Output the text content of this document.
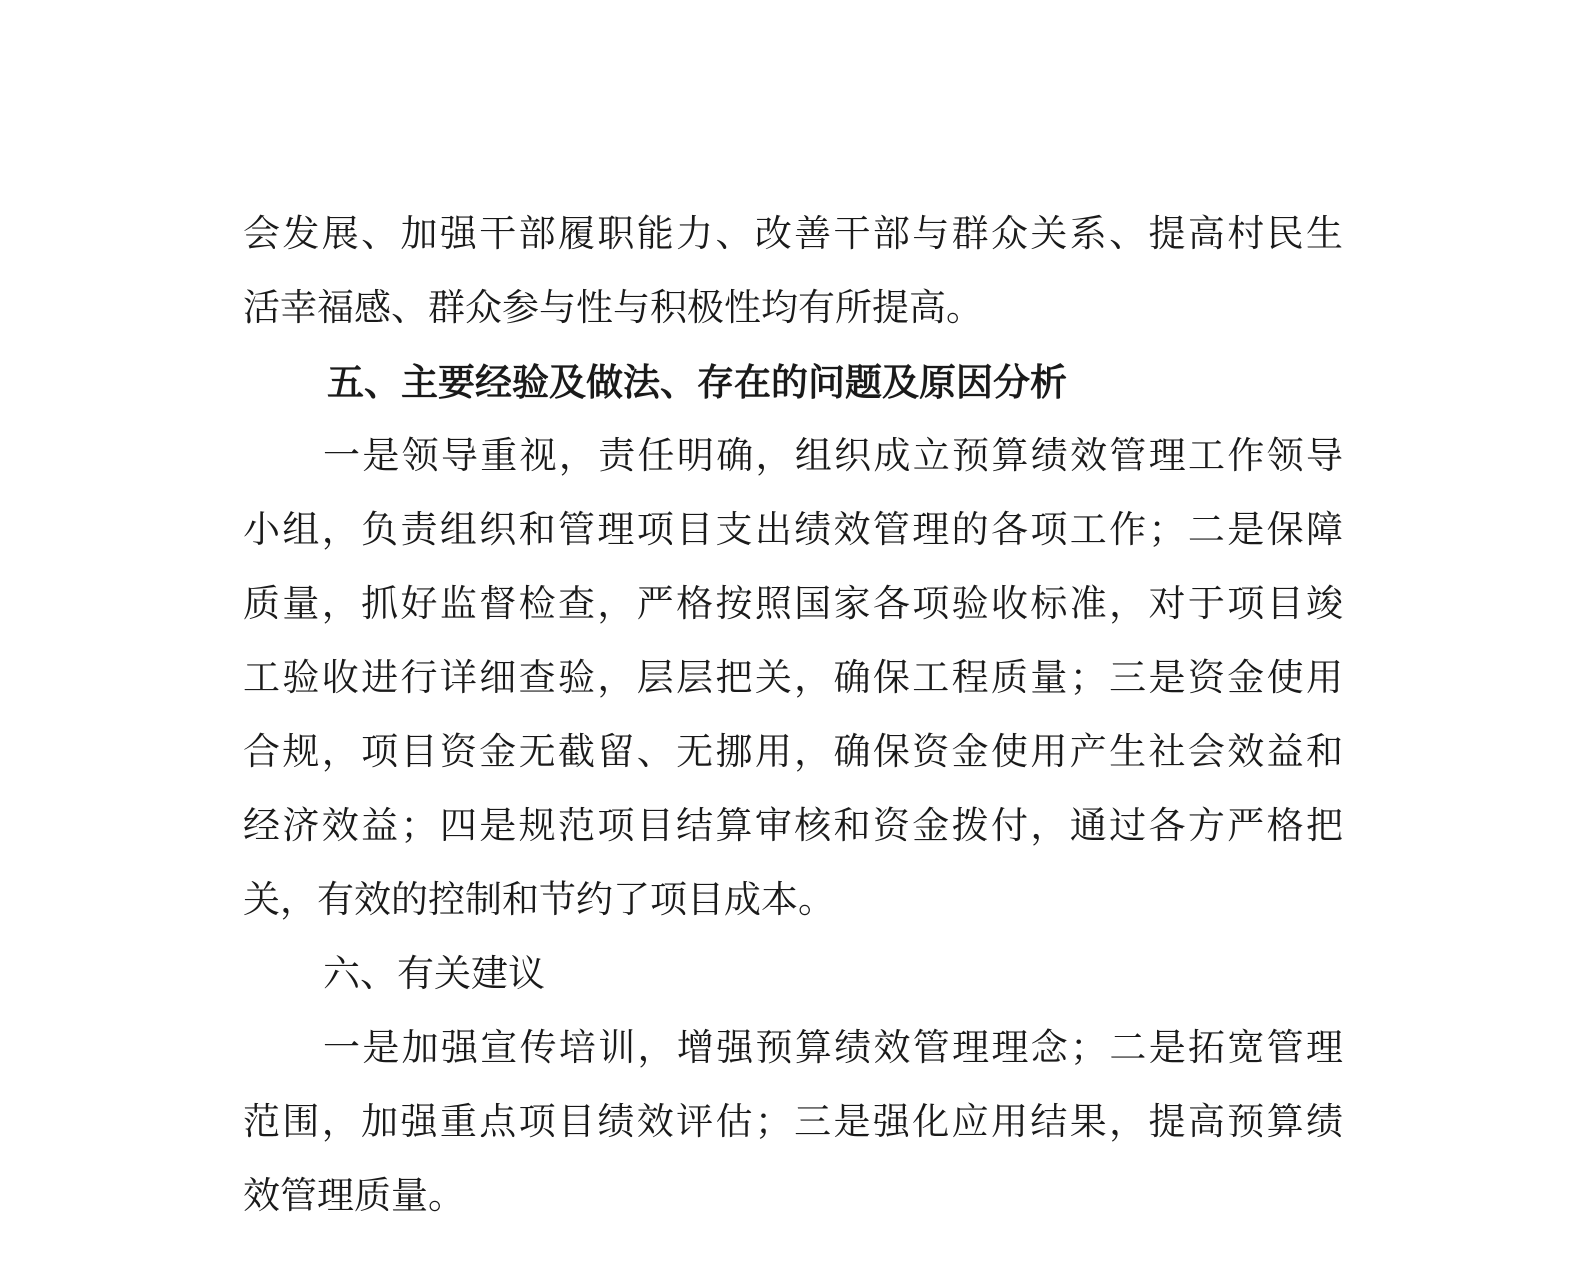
会发展、加强干部履职能力、改善干部与群众关系、提高村民生
活幸福感、群众参与性与积极性均有所提高。
五、主要经验及做法、存在的问题及原因分析
一是领导重视，责任明确，组织成立预算绩效管理工作领导
小组，负责组织和管理项目支出绩效管理的各项工作；二是保障
质量，抓好监督检查，严格按照国家各项验收标准，对于项目竣
工验收进行详细查验，层层把关，确保工程质量；三是资金使用
合规，项目资金无截留、无挪用，确保资金使用产生社会效益和
经济效益；四是规范项目结算审核和资金拨付，通过各方严格把
关，有效的控制和节约了项目成本。
六、有关建议
一是加强宣传培训，增强预算绩效管理理念；二是拓宽管理
范围，加强重点项目绩效评估；三是强化应用结果，提高预算绩
效管理质量。
